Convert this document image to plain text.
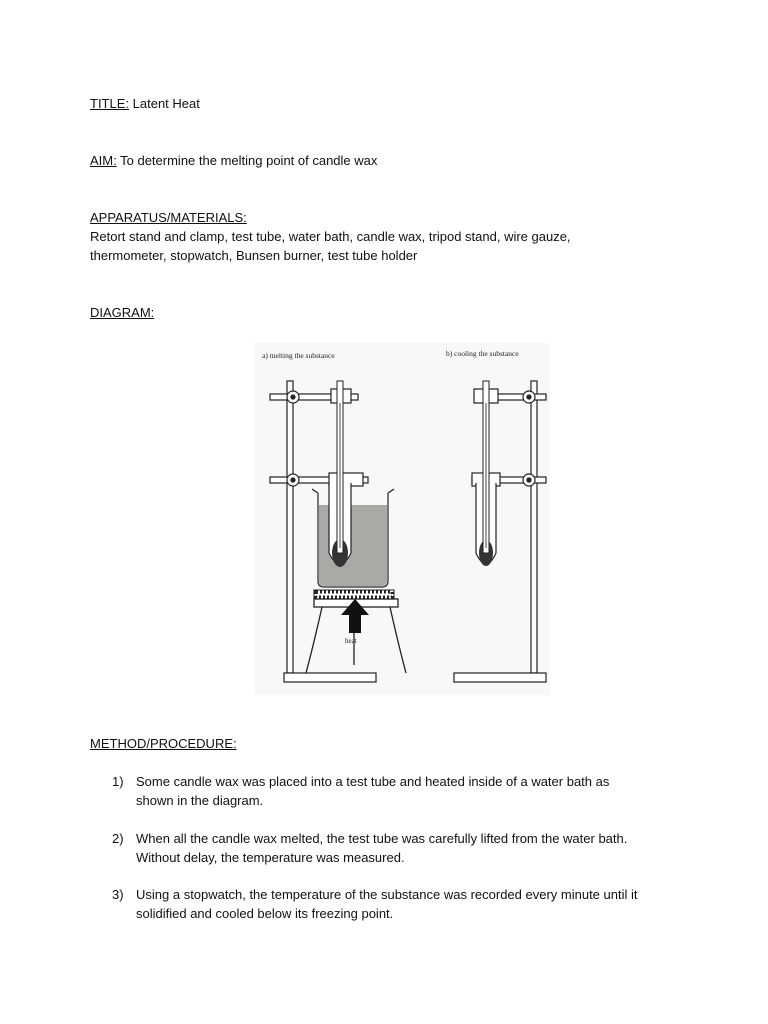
TITLE: Latent Heat
AIM: To determine the melting point of candle wax
APPARATUS/MATERIALS:
Retort stand and clamp, test tube, water bath, candle wax, tripod stand, wire gauze,
thermometer, stopwatch, Bunsen burner, test tube holder
DIAGRAM:
a) melting the substance	b) cooling the substance
heat
METHOD/PROCEDURE:
1) Some candle wax was placed into a test tube and heated inside of a water bath as
shown in the diagram.
2) When all the candle wax melted, the test tube was carefully lifted from the water bath.
Without delay, the temperature was measured.
3) Using a stopwatch, the temperature of the substance was recorded every minute until it
solidified and cooled below its freezing point.
